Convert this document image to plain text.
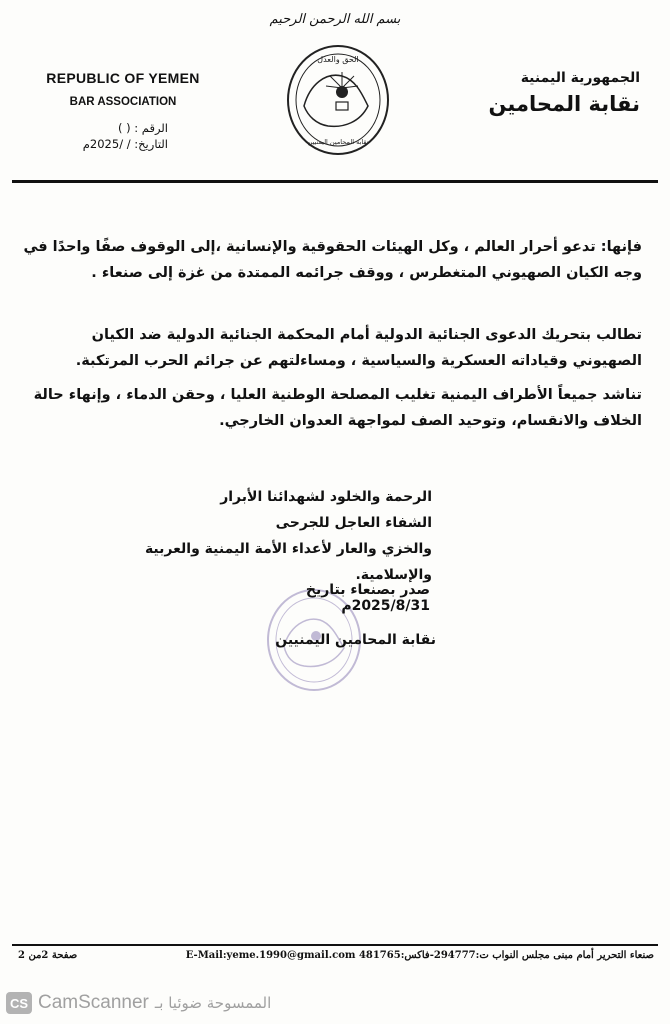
بسم الله الرحمن الرحيم
REPUBLIC OF YEMEN
BAR ASSOCIATION
الرقم : ( )
التاريخ: / /2025م
الجمهورية اليمنية
نقابة المحامين
الحق والعدل
نقابة المحامين اليمنيين

فإنها: تدعو أحرار العالم ، وكل الهيئات الحقوقية والإنسانية ،إلى الوقوف صفًا واحدًا في وجه الكيان الصهيوني المتغطرس ، ووقف جرائمه الممتدة من غزة إلى صنعاء .

تطالب بتحريك الدعوى الجنائية الدولية أمام المحكمة الجنائية الدولية ضد الكيان الصهيوني وقياداته العسكرية والسياسية ، ومساءلتهم عن جرائم الحرب المرتكبة.

تناشد جميعاً الأطراف اليمنية تغليب المصلحة الوطنية العليا ، وحقن الدماء ، وإنهاء حالة الخلاف والانقسام، وتوحيد الصف لمواجهة العدوان الخارجي.

الرحمة والخلود لشهدائنا الأبرار
الشفاء العاجل للجرحى
والخزي والعار لأعداء الأمة اليمنية والعربية والإسلامية.
صدر بصنعاء بتاريخ 2025/8/31م
نقابة المحامين اليمنيين
صنعاء التحرير أمام مبنى مجلس النواب ت:294777-فاكس:481765 E-Mail:yeme.1990@gmail.com
صفحة 2من 2
CS CamScanner الممسوحة ضوئيا بـ
